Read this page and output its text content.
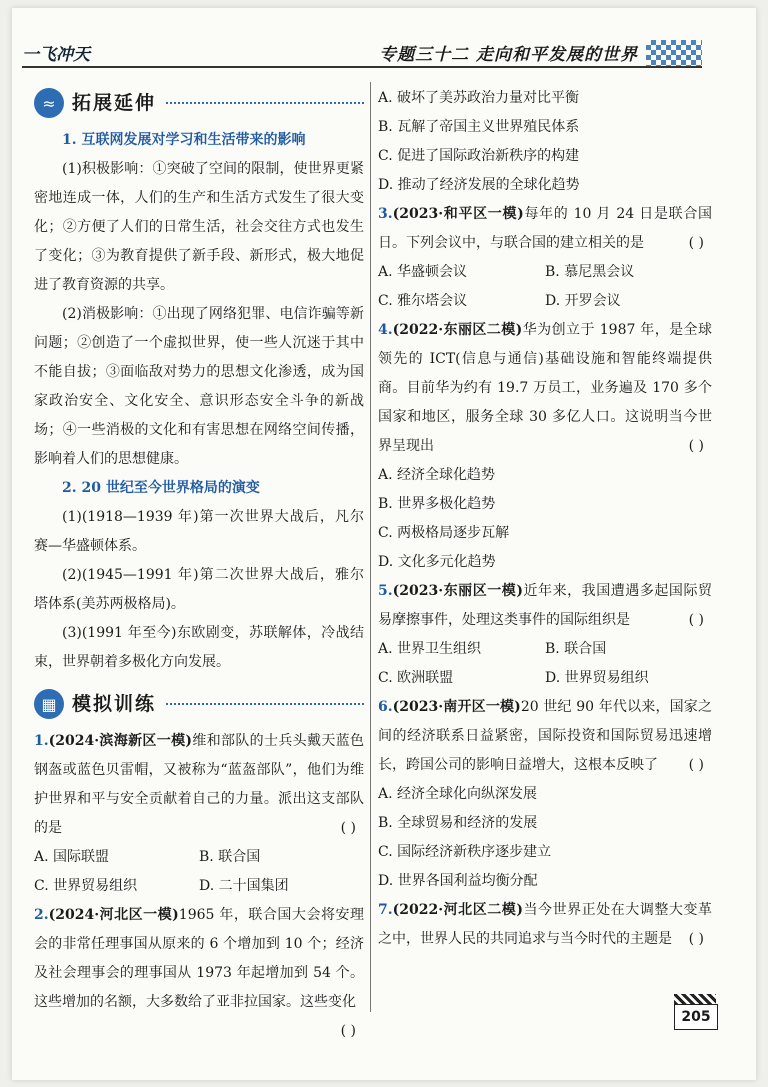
一飞冲天	专题三十二 走向和平发展的世界
≈ 拓展延伸
1. 互联网发展对学习和生活带来的影响

(1)积极影响：①突破了空间的限制，使世界更紧密地连成一体，人们的生产和生活方式发生了很大变化；②方便了人们的日常生活，社会交往方式也发生了变化；③为教育提供了新手段、新形式，极大地促进了教育资源的共享。

(2)消极影响：①出现了网络犯罪、电信诈骗等新问题；②创造了一个虚拟世界，使一些人沉迷于其中不能自拔；③面临敌对势力的思想文化渗透，成为国家政治安全、文化安全、意识形态安全斗争的新战场；④一些消极的文化和有害思想在网络空间传播，影响着人们的思想健康。

2. 20 世纪至今世界格局的演变

(1)(1918—1939 年)第一次世界大战后，凡尔赛—华盛顿体系。

(2)(1945—1991 年)第二次世界大战后，雅尔塔体系(美苏两极格局)。

(3)(1991 年至今)东欧剧变，苏联解体，冷战结束，世界朝着多极化方向发展。

▦ 模拟训练
1.(2024·滨海新区一模)维和部队的士兵头戴天蓝色钢盔或蓝色贝雷帽，又被称为“蓝盔部队”，他们为维护世界和平与安全贡献着自己的力量。派出这支部队的是	( )
A. 国际联盟	B. 联合国
C. 世界贸易组织	D. 二十国集团
2.(2024·河北区一模)1965 年，联合国大会将安理会的非常任理事国从原来的 6 个增加到 10 个；经济及社会理事会的理事国从 1973 年起增加到 54 个。这些增加的名额，大多数给了亚非拉国家。这些变化
( )
A. 破坏了美苏政治力量对比平衡
B. 瓦解了帝国主义世界殖民体系
C. 促进了国际政治新秩序的构建
D. 推动了经济发展的全球化趋势
3.(2023·和平区一模)每年的 10 月 24 日是联合国日。下列会议中，与联合国的建立相关的是	( )
A. 华盛顿会议	B. 慕尼黑会议
C. 雅尔塔会议	D. 开罗会议
4.(2022·东丽区二模)华为创立于 1987 年，是全球领先的 ICT(信息与通信)基础设施和智能终端提供商。目前华为约有 19.7 万员工，业务遍及 170 多个国家和地区，服务全球 30 多亿人口。这说明当今世界呈现出	( )
A. 经济全球化趋势
B. 世界多极化趋势
C. 两极格局逐步瓦解
D. 文化多元化趋势
5.(2023·东丽区一模)近年来，我国遭遇多起国际贸易摩擦事件，处理这类事件的国际组织是	( )
A. 世界卫生组织	B. 联合国
C. 欧洲联盟	D. 世界贸易组织
6.(2023·南开区一模)20 世纪 90 年代以来，国家之间的经济联系日益紧密，国际投资和国际贸易迅速增长，跨国公司的影响日益增大，这根本反映了 ( )
A. 经济全球化向纵深发展
B. 全球贸易和经济的发展
C. 国际经济新秩序逐步建立
D. 世界各国利益均衡分配
7.(2022·河北区二模)当今世界正处在大调整大变革之中，世界人民的共同追求与当今时代的主题是 ( )
205
